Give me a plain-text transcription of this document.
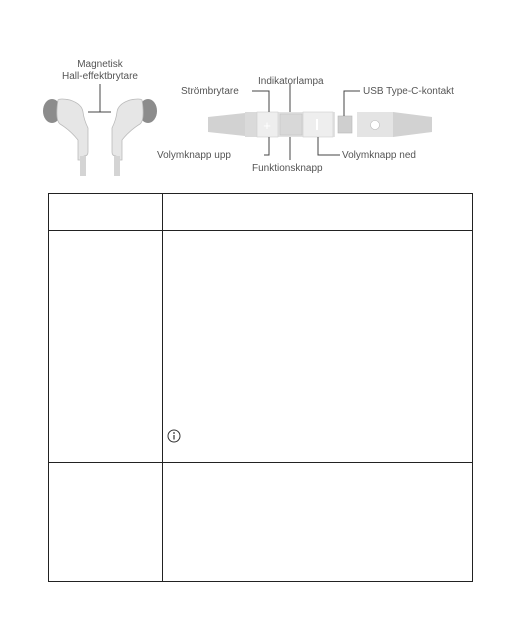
Magnetisk
Hall-effektbrytare
+
Strömbrytare
Indikatorlampa
USB Type-C-kontakt
Volymknapp upp
Funktionsknapp
Volymknapp ned
